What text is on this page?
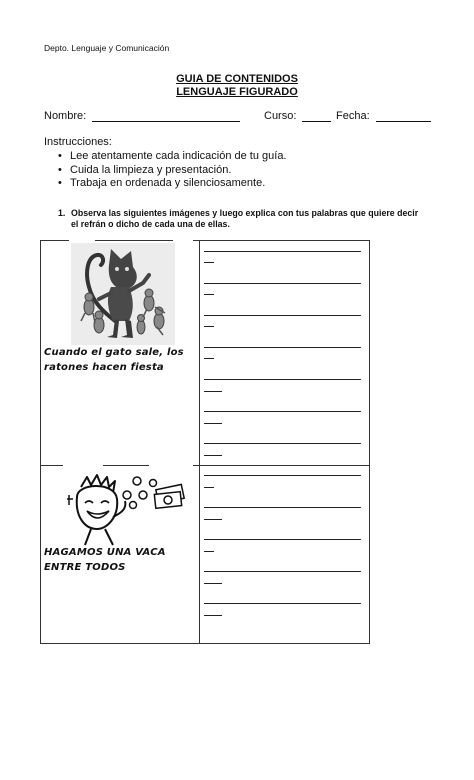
Depto. Lenguaje y Comunicación
GUIA DE CONTENIDOS
LENGUAJE FIGURADO
Nombre:	Curso:	Fecha:
Instrucciones:
• Lee atentamente cada indicación de tu guía.
• Cuida la limpieza y presentación.
• Trabaja en ordenada y silenciosamente.
1. Observa las siguientes imágenes y luego explica con tus palabras que quiere decir el refrán o dicho de cada una de ellas.
Cuando el gato sale, los
ratones hacen fiesta
HAGAMOS UNA VACA
ENTRE TODOS
